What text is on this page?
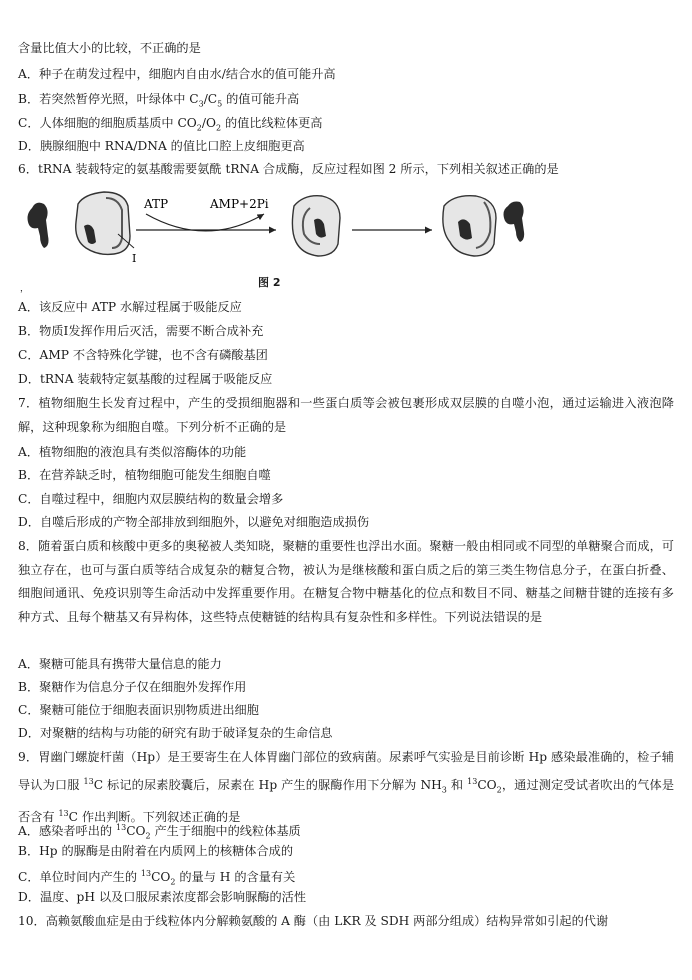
含量比值大小的比较，不正确的是
A．种子在萌发过程中，细胞内自由水/结合水的值可能升高
B．若突然暂停光照，叶绿体中 $C_3/C_5$ 的值可能升高
C．人体细胞的细胞质基质中 $CO_2/O_2$ 的值比线粒体更高
D．胰腺细胞中 RNA/DNA 的值比口腔上皮细胞更高
6．tRNA 装载特定的氨基酸需要氨酰 tRNA 合成酶，反应过程如图 2 所示，下列相关叙述正确的是
Ⅰ
ATP	AMP+2Pi
图 2
，
A．该反应中 ATP 水解过程属于吸能反应
B．物质Ⅰ发挥作用后灭活，需要不断合成补充
C．AMP 不含特殊化学键，也不含有磷酸基团
D．tRNA 装载特定氨基酸的过程属于吸能反应
7．植物细胞生长发育过程中，产生的受损细胞器和一些蛋白质等会被包裹形成双层膜的自噬小泡，通过运输进入液泡降解，这种现象称为细胞自噬。下列分析不正确的是
A．植物细胞的液泡具有类似溶酶体的功能
B．在营养缺乏时，植物细胞可能发生细胞自噬
C．自噬过程中，细胞内双层膜结构的数量会增多
D．自噬后形成的产物全部排放到细胞外，以避免对细胞造成损伤
8．随着蛋白质和核酸中更多的奥秘被人类知晓，聚糖的重要性也浮出水面。聚糖一般由相同或不同型的单糖聚合而成，可独立存在，也可与蛋白质等结合成复杂的糖复合物，被认为是继核酸和蛋白质之后的第三类生物信息分子，在蛋白折叠、细胞间通讯、免疫识别等生命活动中发挥重要作用。在糖复合物中糖基化的位点和数目不同、糖基之间糖苷键的连接有多种方式、且每个糖基又有异构体，这些特点使糖链的结构具有复杂性和多样性。下列说法错误的是
A．聚糖可能具有携带大量信息的能力
B．聚糖作为信息分子仅在细胞外发挥作用
C．聚糖可能位于细胞表面识别物质进出细胞
D．对聚糖的结构与功能的研究有助于破译复杂的生命信息
9．胃幽门螺旋杆菌（Hp）是王要寄生在人体胃幽门部位的致病菌。尿素呼气实验是目前诊断 Hp 感染最准确的，检子辅导认为口服 $^{13}$C 标记的尿素胶囊后，尿素在 Hp 产生的脲酶作用下分解为 $NH_3$ 和 $^{13}CO_2$，通过测定受试者吹出的气体是否含有 $^{13}$C 作出判断。下列叙述正确的是
A．感染者呼出的 $^{13}CO_2$ 产生于细胞中的线粒体基质
B．Hp 的脲酶是由附着在内质网上的核糖体合成的
C．单位时间内产生的 $^{13}CO_2$ 的量与 H 的含量有关
D．温度、pH 以及口服尿素浓度都会影响脲酶的活性
10．高赖氨酸血症是由于线粒体内分解赖氨酸的 A 酶（由 LKR 及 SDH 两部分组成）结构异常如引起的代谢
